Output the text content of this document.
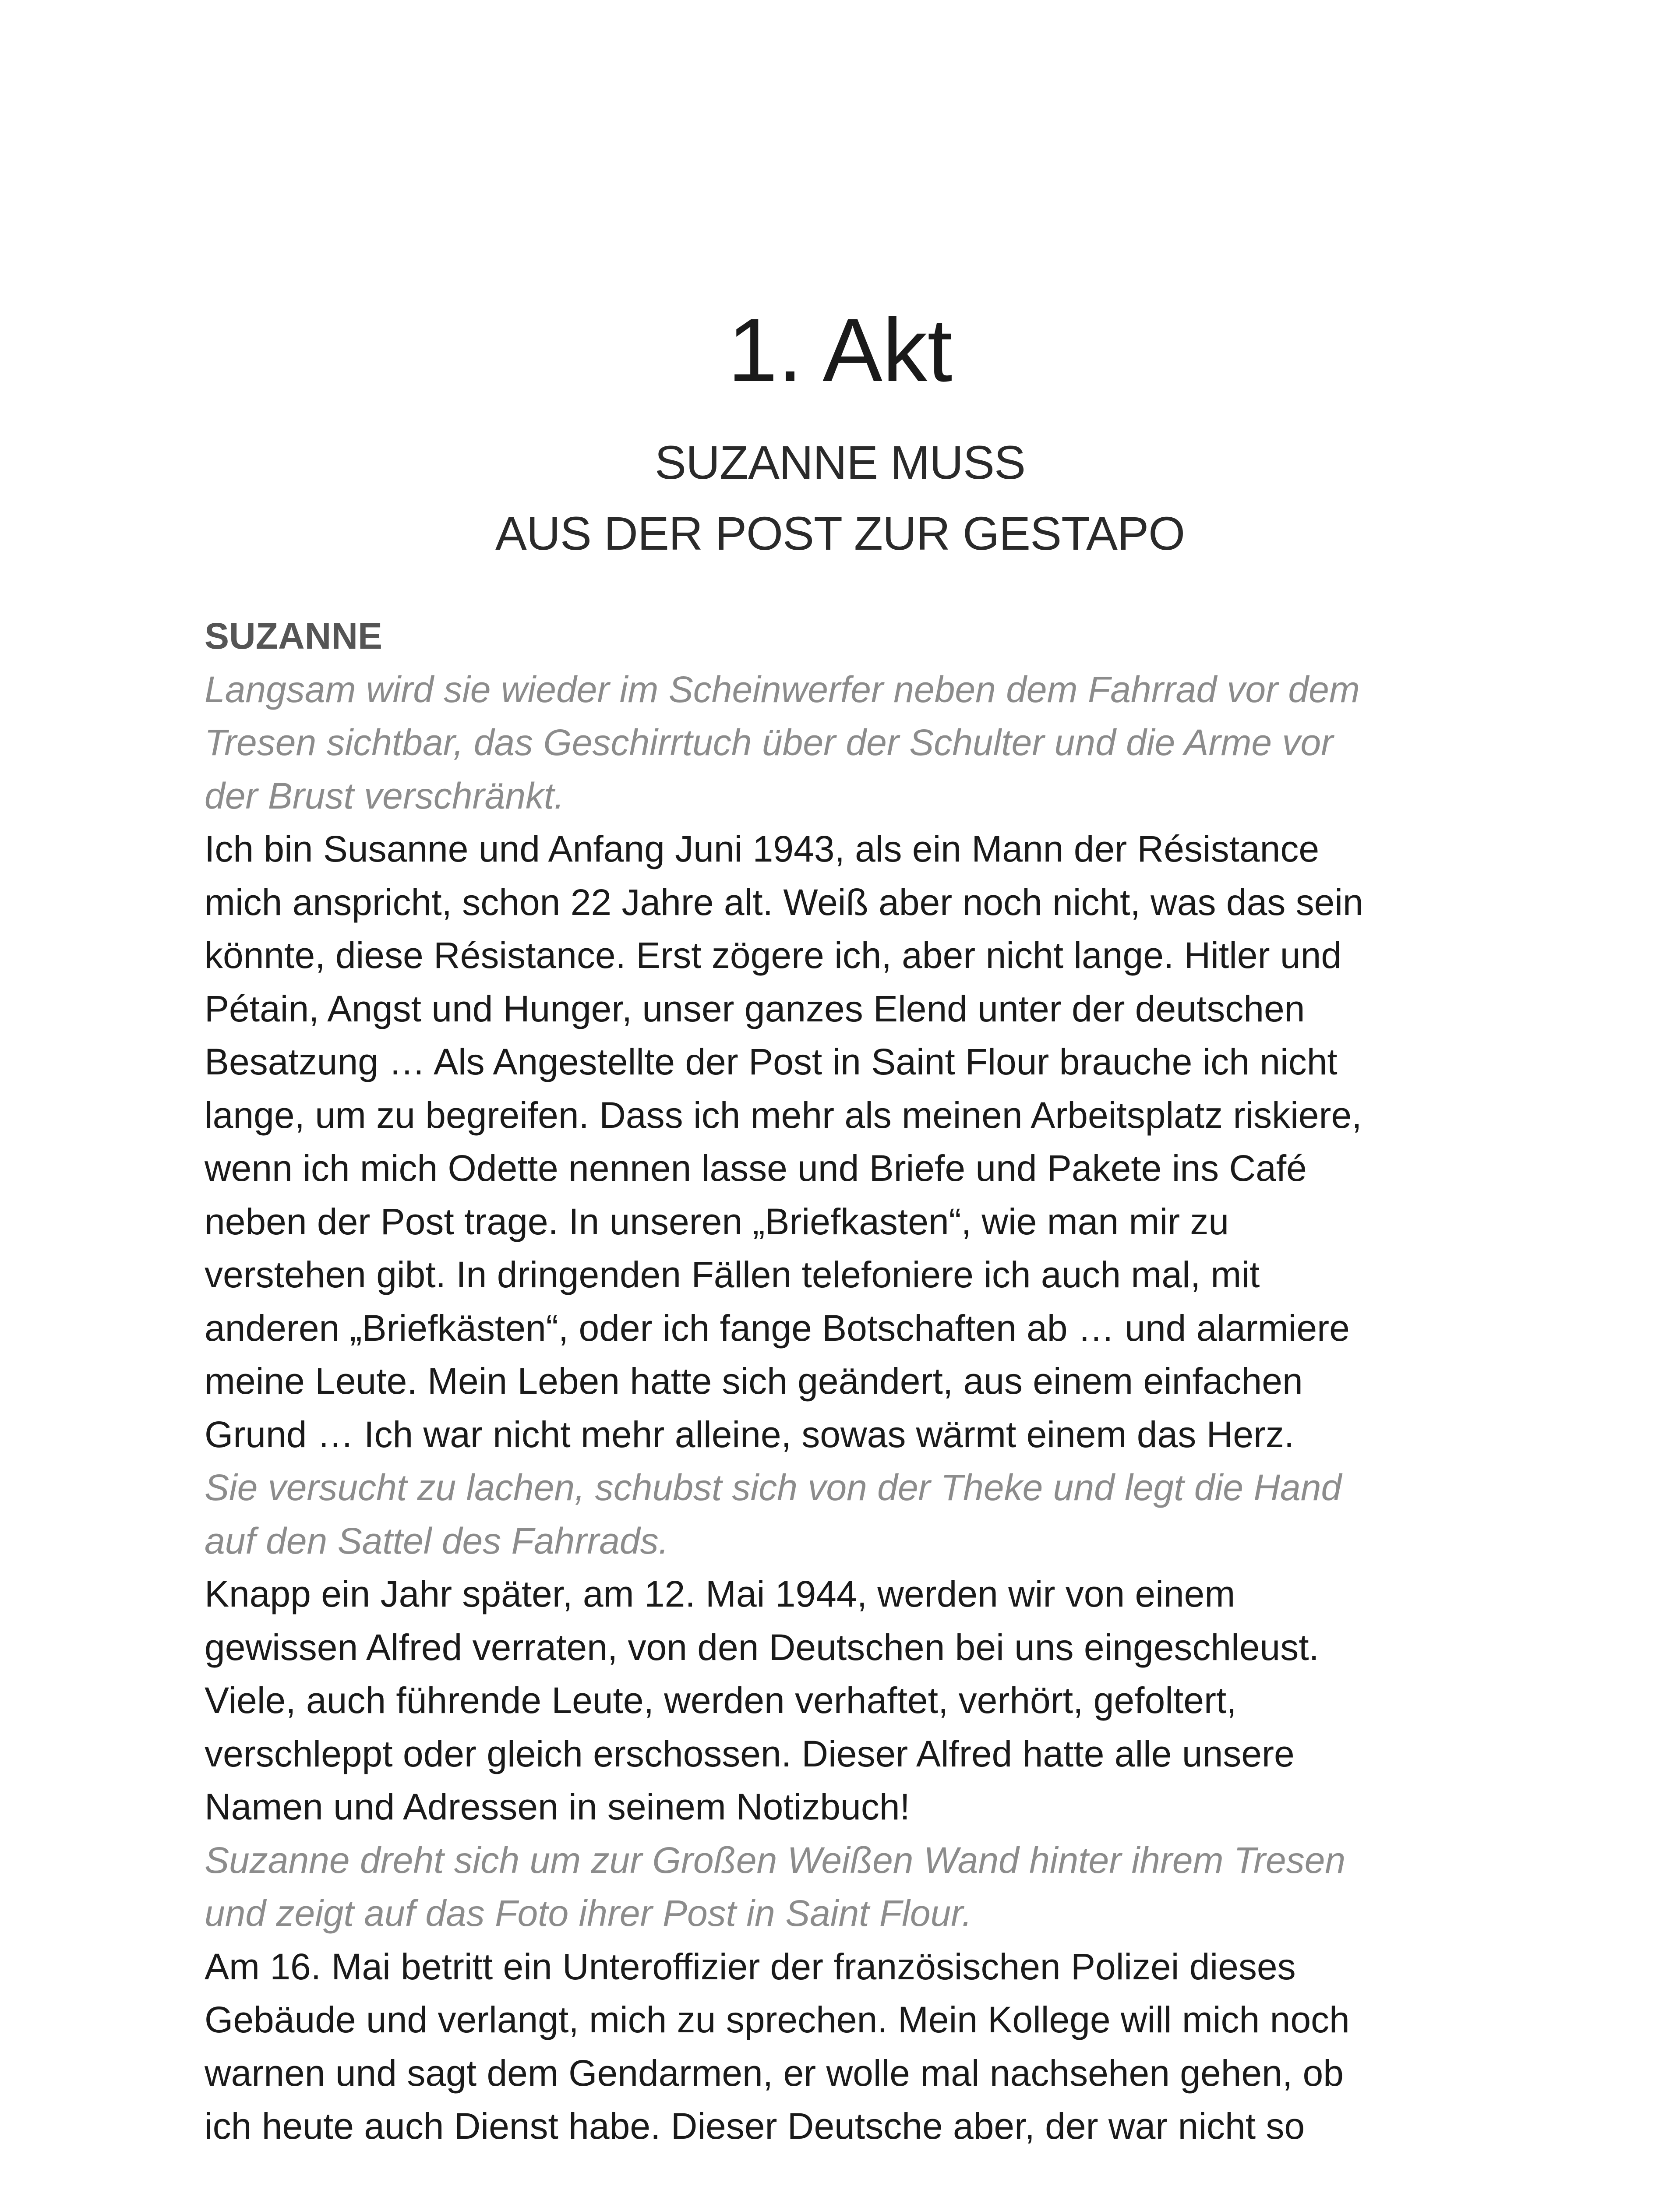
1. Akt
SUZANNE MUSS
AUS DER POST ZUR GESTAPO
SUZANNE
Langsam wird sie wieder im Scheinwerfer neben dem Fahrrad vor dem
Tresen sichtbar, das Geschirrtuch über der Schulter und die Arme vor
der Brust verschränkt.
Ich bin Susanne und Anfang Juni 1943, als ein Mann der Résistance
mich anspricht, schon 22 Jahre alt. Weiß aber noch nicht, was das sein
könnte, diese Résistance. Erst zögere ich, aber nicht lange. Hitler und
Pétain, Angst und Hunger, unser ganzes Elend unter der deutschen
Besatzung … Als Angestellte der Post in Saint Flour brauche ich nicht
lange, um zu begreifen. Dass ich mehr als meinen Arbeitsplatz riskiere,
wenn ich mich Odette nennen lasse und Briefe und Pakete ins Café
neben der Post trage. In unseren „Briefkasten“, wie man mir zu
verstehen gibt. In dringenden Fällen telefoniere ich auch mal, mit
anderen „Briefkästen“, oder ich fange Botschaften ab … und alarmiere
meine Leute. Mein Leben hatte sich geändert, aus einem einfachen
Grund … Ich war nicht mehr alleine, sowas wärmt einem das Herz.
Sie versucht zu lachen, schubst sich von der Theke und legt die Hand
auf den Sattel des Fahrrads.
Knapp ein Jahr später, am 12. Mai 1944, werden wir von einem
gewissen Alfred verraten, von den Deutschen bei uns eingeschleust.
Viele, auch führende Leute, werden verhaftet, verhört, gefoltert,
verschleppt oder gleich erschossen. Dieser Alfred hatte alle unsere
Namen und Adressen in seinem Notizbuch!
Suzanne dreht sich um zur Großen Weißen Wand hinter ihrem Tresen
und zeigt auf das Foto ihrer Post in Saint Flour.
Am 16. Mai betritt ein Unteroffizier der französischen Polizei dieses
Gebäude und verlangt, mich zu sprechen. Mein Kollege will mich noch
warnen und sagt dem Gendarmen, er wolle mal nachsehen gehen, ob
ich heute auch Dienst habe. Dieser Deutsche aber, der war nicht so
